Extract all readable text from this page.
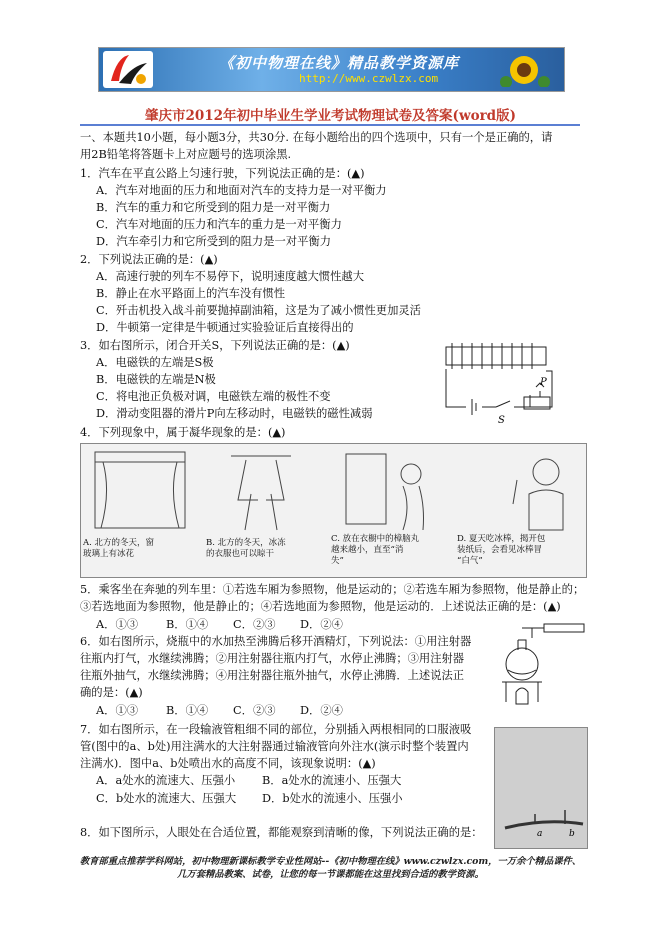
《初中物理在线》精品教学资源库
http://www.czwlzx.com
肇庆市2012年初中毕业生学业考试物理试卷及答案(word版)
一、本题共10小题，每小题3分，共30分. 在每小题给出的四个选项中，只有一个是正确的，请
用2B铅笔将答题卡上对应题号的选项涂黑.
1．汽车在平直公路上匀速行驶，下列说法正确的是：(▲)
A．汽车对地面的压力和地面对汽车的支持力是一对平衡力
B．汽车的重力和它所受到的阻力是一对平衡力
C．汽车对地面的压力和汽车的重力是一对平衡力
D．汽车牵引力和它所受到的阻力是一对平衡力
2．下列说法正确的是：(▲)
A．高速行驶的列车不易停下，说明速度越大惯性越大
B．静止在水平路面上的汽车没有惯性
C．歼击机投入战斗前要抛掉副油箱，这是为了减小惯性更加灵活
D．牛顿第一定律是牛顿通过实验验证后直接得出的
3．如右图所示，闭合开关S，下列说法正确的是：(▲)
A．电磁铁的左端是S极
B．电磁铁的左端是N极
C．将电池正负极对调，电磁铁左端的极性不变
D．滑动变阻器的滑片P向左移动时，电磁铁的磁性减弱
P
S
4．下列现象中，属于凝华现象的是：(▲)
A. 北方的冬天，窗
玻璃上有冰花
B. 北方的冬天，冰冻
的衣服也可以晾干
C. 放在衣橱中的樟脑丸
越来越小，直至“消
失”
D. 夏天吃冰棒，揭开包
装纸后，会看见冰棒冒
“白气”
5．乘客坐在奔驰的列车里：①若选车厢为参照物，他是运动的；②若选车厢为参照物，他是静止的；
③若选地面为参照物，他是静止的；④若选地面为参照物，他是运动的．上述说法正确的是：(▲)
A．①③ B．①④ C．②③ D．②④
6．如右图所示，烧瓶中的水加热至沸腾后移开酒精灯，下列说法：①用注射器
往瓶内打气，水继续沸腾；②用注射器往瓶内打气，水停止沸腾；③用注射器
往瓶外抽气，水继续沸腾；④用注射器往瓶外抽气，水停止沸腾．上述说法正
确的是：(▲)
A．①③ B．①④ C．②③ D．②④
7．如右图所示，在一段输液管粗细不同的部位，分别插入两根相同的口服液吸
管(图中的a、b处)用注满水的大注射器通过输液管向外注水(演示时整个装置内
注满水)．图中a、b处喷出水的高度不同，该现象说明：(▲)
A．a处水的流速大、压强小 B．a处水的流速小、压强大
C．b处水的流速大、压强大 D．b处水的流速小、压强小
a	b
8．如下图所示，人眼处在合适位置，都能观察到清晰的像，下列说法正确的是：
教育部重点推荐学科网站，初中物理新课标教学专业性网站--《初中物理在线》www.czwlzx.com，一万余个精品课件、
几万套精品教案、试卷，让您的每一节课都能在这里找到合适的教学资源。
